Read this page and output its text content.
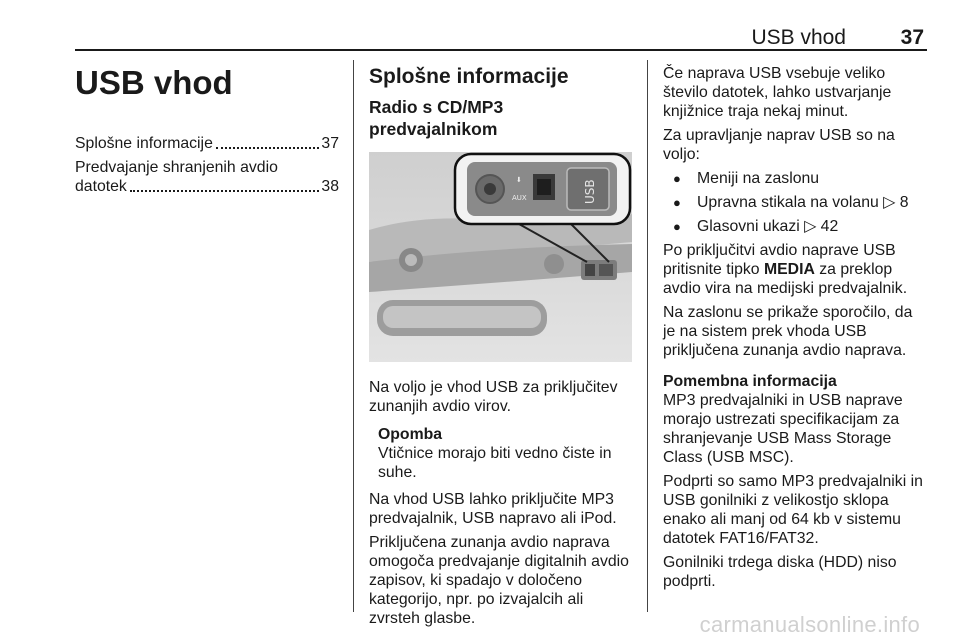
USB vhod	37
USB vhod
Splošne informacije	37
Predvajanje shranjenih avdio
datotek	38
Splošne informacije
Radio s CD/MP3 predvajalnikom
⬇
AUX	USB

Na voljo je vhod USB za priključitev zunanjih avdio virov.

Opomba
Vtičnice morajo biti vedno čiste in suhe.

Na vhod USB lahko priključite MP3 predvajalnik, USB napravo ali iPod.

Priključena zunanja avdio naprava omogoča predvajanje digitalnih avdio zapisov, ki spadajo v določeno kategorijo, npr. po izvajalcih ali zvrsteh glasbe.

Če naprava USB vsebuje veliko število datotek, lahko ustvarjanje knjižnice traja nekaj minut.

Za upravljanje naprav USB so na voljo:

● Meniji na zaslonu
● Upravna stikala na volanu ▷ 8
● Glasovni ukazi ▷ 42

Po priključitvi avdio naprave USB pritisnite tipko MEDIA za preklop avdio vira na medijski predvajalnik.

Na zaslonu se prikaže sporočilo, da je na sistem prek vhoda USB priključena zunanja avdio naprava.

Pomembna informacija

MP3 predvajalniki in USB naprave morajo ustrezati specifikacijam za shranjevanje USB Mass Storage Class (USB MSC).

Podprti so samo MP3 predvajalniki in USB gonilniki z velikostjo sklopa enako ali manj od 64 kb v sistemu datotek FAT16/FAT32.

Gonilniki trdega diska (HDD) niso podprti.

carmanualsonline.info
